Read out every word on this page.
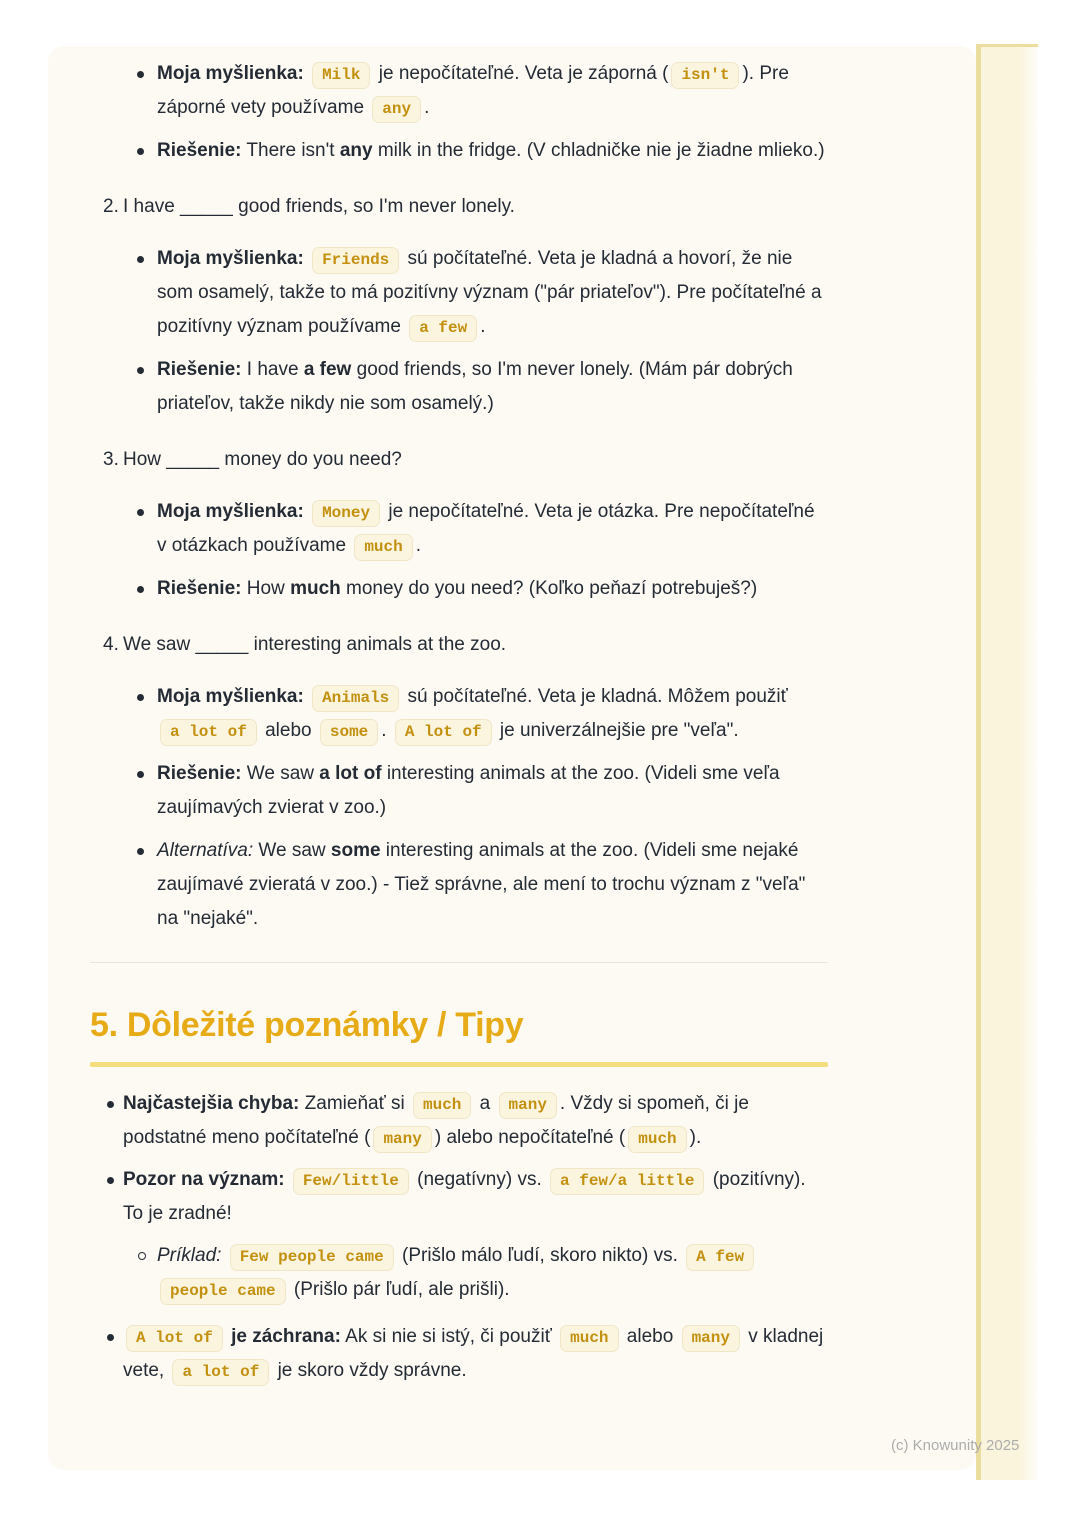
Moja myšlienka: Milk je nepočítateľné. Veta je záporná ( isn't ). Pre záporné vety používame any .
Riešenie: There isn't any milk in the fridge. (V chladničke nie je žiadne mlieko.)
2. I have _____ good friends, so I'm never lonely.
Moja myšlienka: Friends sú počítateľné. Veta je kladná a hovorí, že nie som osamelý, takže to má pozitívny význam ("pár priateľov"). Pre počítateľné a pozitívny význam používame a few .
Riešenie: I have a few good friends, so I'm never lonely. (Mám pár dobrých priateľov, takže nikdy nie som osamelý.)
3. How _____ money do you need?
Moja myšlienka: Money je nepočítateľné. Veta je otázka. Pre nepočítateľné v otázkach používame much .
Riešenie: How much money do you need? (Koľko peňazí potrebuješ?)
4. We saw _____ interesting animals at the zoo.
Moja myšlienka: Animals sú počítateľné. Veta je kladná. Môžem použiť a lot of alebo some . A lot of je univerzálnejšie pre "veľa".
Riešenie: We saw a lot of interesting animals at the zoo. (Videli sme veľa zaujímavých zvierat v zoo.)
Alternatíva: We saw some interesting animals at the zoo. (Videli sme nejaké zaujímavé zvieratá v zoo.) - Tiež správne, ale mení to trochu význam z "veľa" na "nejaké".
5. Dôležité poznámky / Tipy
Najčastejšia chyba: Zamieňať si much a many . Vždy si spomeň, či je podstatné meno počítateľné ( many ) alebo nepočítateľné ( much ).
Pozor na význam: Few/little (negatívny) vs. a few/a little (pozitívny). To je zradné!
Príklad: Few people came (Prišlo málo ľudí, skoro nikto) vs. A few
people came (Prišlo pár ľudí, ale prišli).
A lot of je záchrana: Ak si nie si istý, či použiť much alebo many v kladnej vete, a lot of je skoro vždy správne.
(c) Knowunity 2025
